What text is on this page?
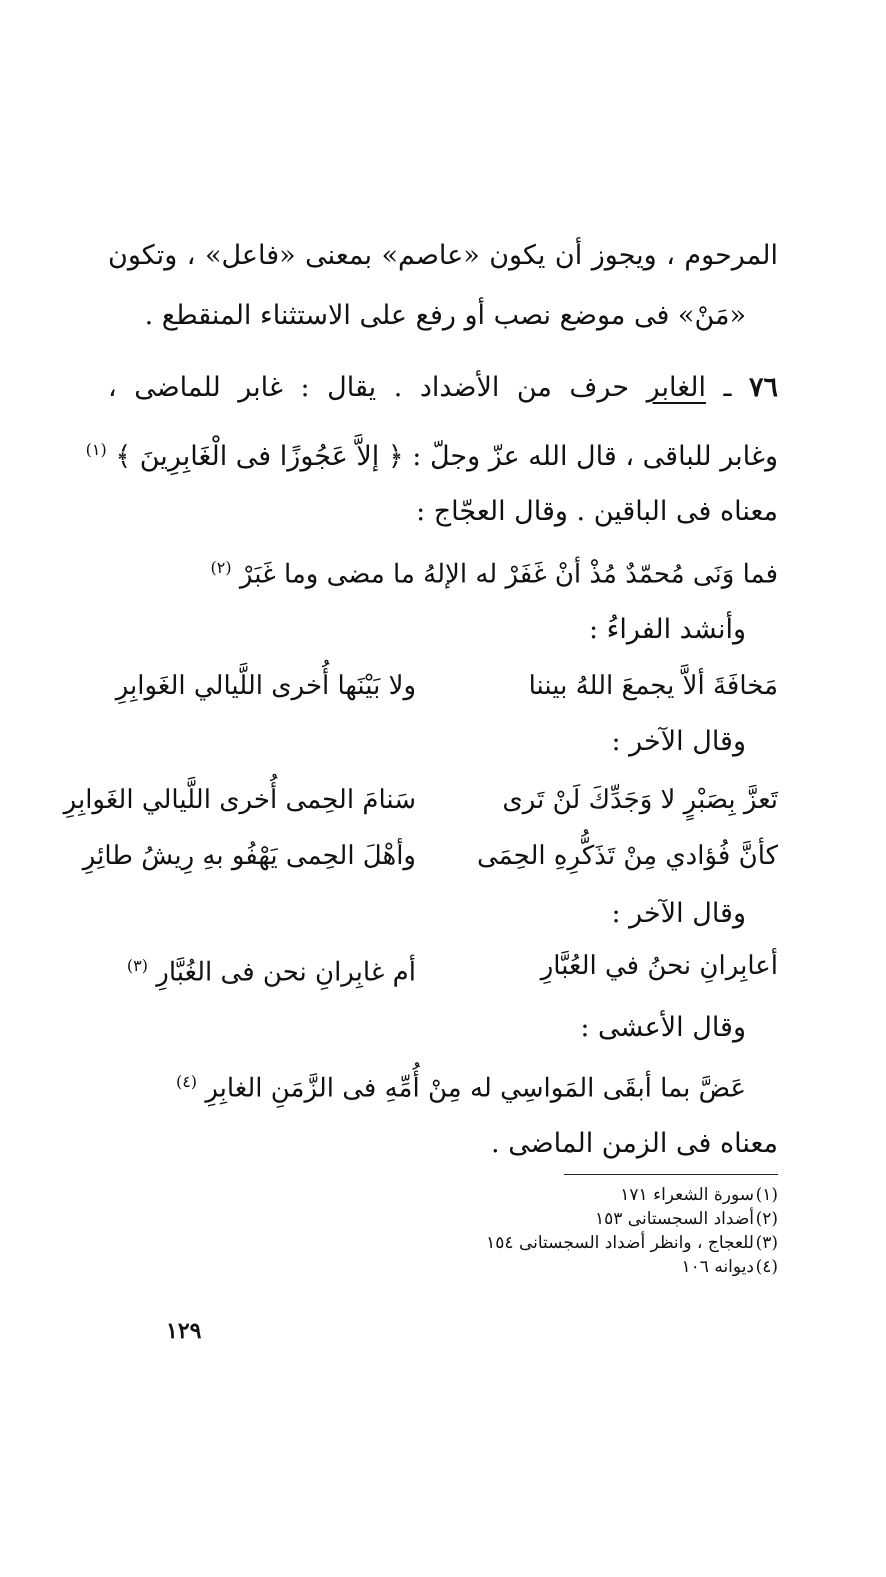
المرحوم ، ويجوز أن يكون «عاصم» بمعنى «فاعل» ، وتكون
«مَنْ» فى موضع نصب أو رفع على الاستثناء المنقطع .
٧٦ ـ الغابر حرف من الأضداد . يقال : غابر للماضى ،
وغابر للباقى ، قال الله عزّ وجلّ : ﴿ إلاَّ عَجُوزًا فى الْغَابِرِينَ ﴾ $^{(١)}$
معناه فى الباقين . وقال العجّاج :
فما وَنَى مُحمّدٌ مُذْ أنْ غَفَرْ له الإلهُ ما مضى وما غَبَرْ $^{(٢)}$
وأنشد الفراءُ :
مَخافَةَ ألاَّ يجمعَ اللهُ بيننا
ولا بَيْنَها أُخرى اللَّيالي الغَوابِرِ
وقال الآخر :
تَعزَّ بِصَبْرٍ لا وَجَدِّكَ لَنْ تَرى
سَنامَ الحِمى أُخرى اللَّيالي الغَوابِرِ
كأنَّ فُؤادي مِنْ تَذَكُّرِهِ الحِمَى
وأهْلَ الحِمى يَهْفُو بهِ رِيشُ طائِرِ
وقال الآخر :
أعابِرانِ نحنُ في العُبَّارِ
أم غابِرانِ نحن فى الغُبَّارِ $^{(٣)}$
وقال الأعشى :
عَضَّ بما أبقَى المَواسِي له مِنْ أُمِّهِ فى الزَّمَنِ الغابِرِ $^{(٤)}$
معناه فى الزمن الماضى .
(١)
سورة الشعراء ١٧١
(٢)
أضداد السجستانى ١٥٣
(٣)
للعجاج ، وانظر أضداد السجستانى ١٥٤
(٤)
ديوانه ١٠٦
١٢٩
